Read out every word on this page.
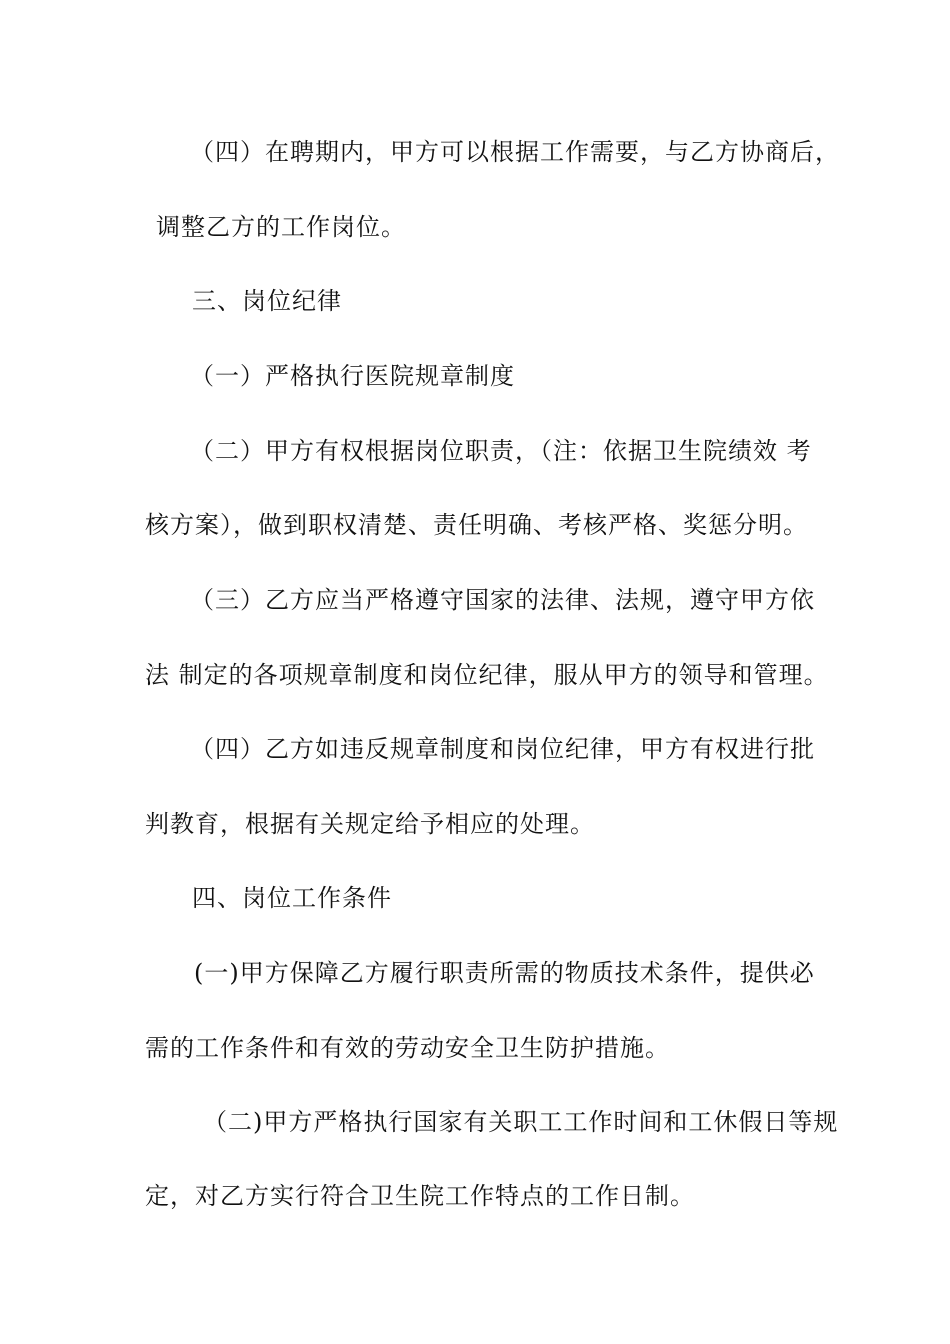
（四）在聘期内，甲方可以根据工作需要，与乙方协商后，
调整乙方的工作岗位。
三、岗位纪律
（一）严格执行医院规章制度
（二）甲方有权根据岗位职责，（注：依据卫生院绩效 考
核方案），做到职权清楚、责任明确、考核严格、奖惩分明。
（三）乙方应当严格遵守国家的法律、法规，遵守甲方依
法 制定的各项规章制度和岗位纪律，服从甲方的领导和管理。
（四）乙方如违反规章制度和岗位纪律，甲方有权进行批
判教育，根据有关规定给予相应的处理。
四、岗位工作条件
(一)甲方保障乙方履行职责所需的物质技术条件，提供必
需的工作条件和有效的劳动安全卫生防护措施。
（二)甲方严格执行国家有关职工工作时间和工休假日等规
定，对乙方实行符合卫生院工作特点的工作日制。
